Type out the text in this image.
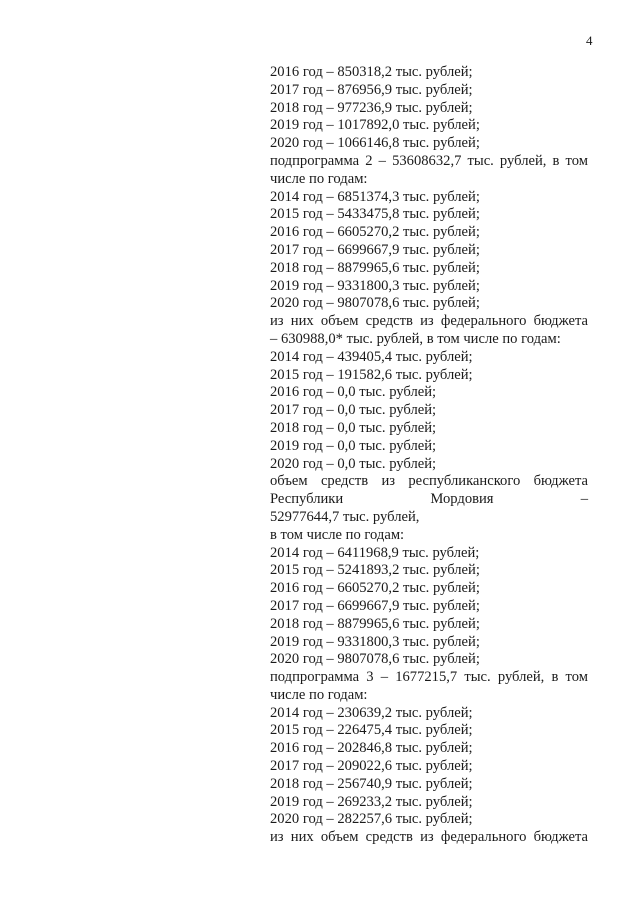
4
2016 год – 850318,2 тыс. рублей;
2017 год – 876956,9 тыс. рублей;
2018 год – 977236,9 тыс. рублей;
2019 год – 1017892,0 тыс. рублей;
2020 год – 1066146,8 тыс. рублей;
подпрограмма 2 – 53608632,7 тыс. рублей, в том
числе по годам:
2014 год – 6851374,3 тыс. рублей;
2015 год – 5433475,8 тыс. рублей;
2016 год – 6605270,2 тыс. рублей;
2017 год – 6699667,9 тыс. рублей;
2018 год – 8879965,6 тыс. рублей;
2019 год – 9331800,3 тыс. рублей;
2020 год – 9807078,6 тыс. рублей;
из них объем средств из федерального бюджета
– 630988,0* тыс. рублей, в том числе по годам:
2014 год – 439405,4 тыс. рублей;
2015 год – 191582,6 тыс. рублей;
2016 год – 0,0 тыс. рублей;
2017 год – 0,0 тыс. рублей;
2018 год – 0,0 тыс. рублей;
2019 год – 0,0 тыс. рублей;
2020 год – 0,0 тыс. рублей;
объем средств из республиканского бюджета
Республики Мордовия –
52977644,7 тыс. рублей,
в том числе по годам:
2014 год – 6411968,9 тыс. рублей;
2015 год – 5241893,2 тыс. рублей;
2016 год – 6605270,2 тыс. рублей;
2017 год – 6699667,9 тыс. рублей;
2018 год – 8879965,6 тыс. рублей;
2019 год – 9331800,3 тыс. рублей;
2020 год – 9807078,6 тыс. рублей;
подпрограмма 3 – 1677215,7 тыс. рублей, в том
числе по годам:
2014 год – 230639,2 тыс. рублей;
2015 год – 226475,4 тыс. рублей;
2016 год – 202846,8 тыс. рублей;
2017 год – 209022,6 тыс. рублей;
2018 год – 256740,9 тыс. рублей;
2019 год – 269233,2 тыс. рублей;
2020 год – 282257,6 тыс. рублей;
из них объем средств из федерального бюджета
